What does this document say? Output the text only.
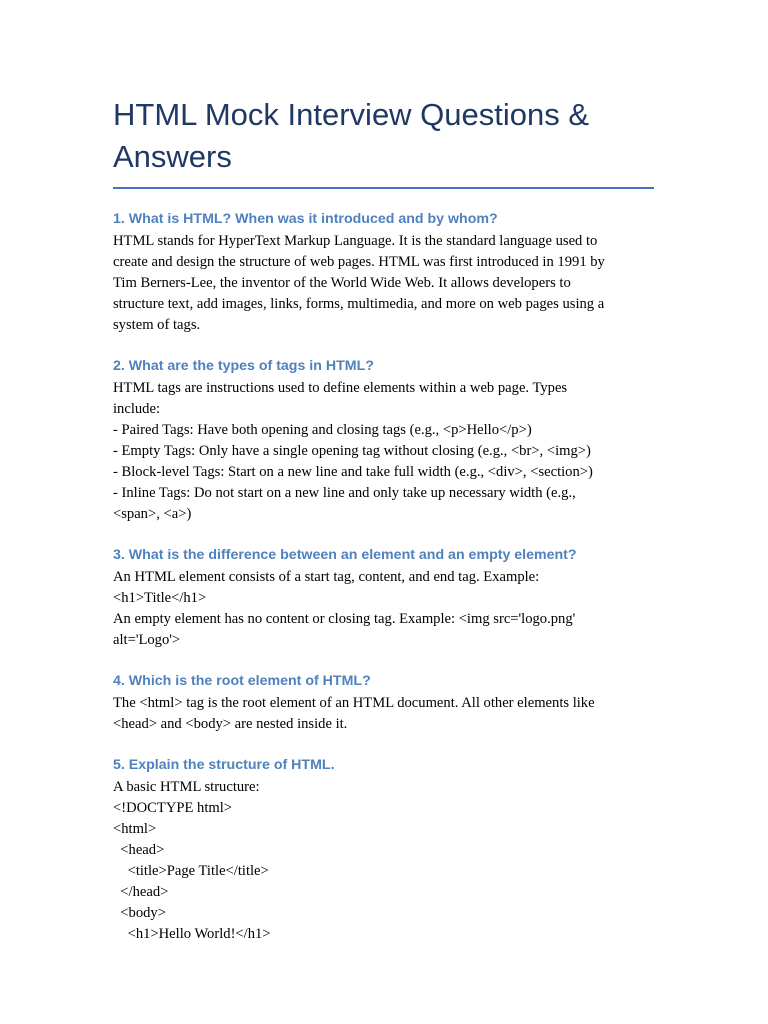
HTML Mock Interview Questions &
Answers
1. What is HTML? When was it introduced and by whom?
HTML stands for HyperText Markup Language. It is the standard language used to
create and design the structure of web pages. HTML was first introduced in 1991 by
Tim Berners-Lee, the inventor of the World Wide Web. It allows developers to
structure text, add images, links, forms, multimedia, and more on web pages using a
system of tags.
2. What are the types of tags in HTML?
HTML tags are instructions used to define elements within a web page. Types
include:
- Paired Tags: Have both opening and closing tags (e.g., <p>Hello</p>)
- Empty Tags: Only have a single opening tag without closing (e.g., <br>, <img>)
- Block-level Tags: Start on a new line and take full width (e.g., <div>, <section>)
- Inline Tags: Do not start on a new line and only take up necessary width (e.g.,
<span>, <a>)
3. What is the difference between an element and an empty element?
An HTML element consists of a start tag, content, and end tag. Example:
<h1>Title</h1>
An empty element has no content or closing tag. Example: <img src='logo.png'
alt='Logo'>
4. Which is the root element of HTML?
The <html> tag is the root element of an HTML document. All other elements like
<head> and <body> are nested inside it.
5. Explain the structure of HTML.
A basic HTML structure:
<!DOCTYPE html>
<html>
<head>
<title>Page Title</title>
</head>
<body>
<h1>Hello World!</h1>
